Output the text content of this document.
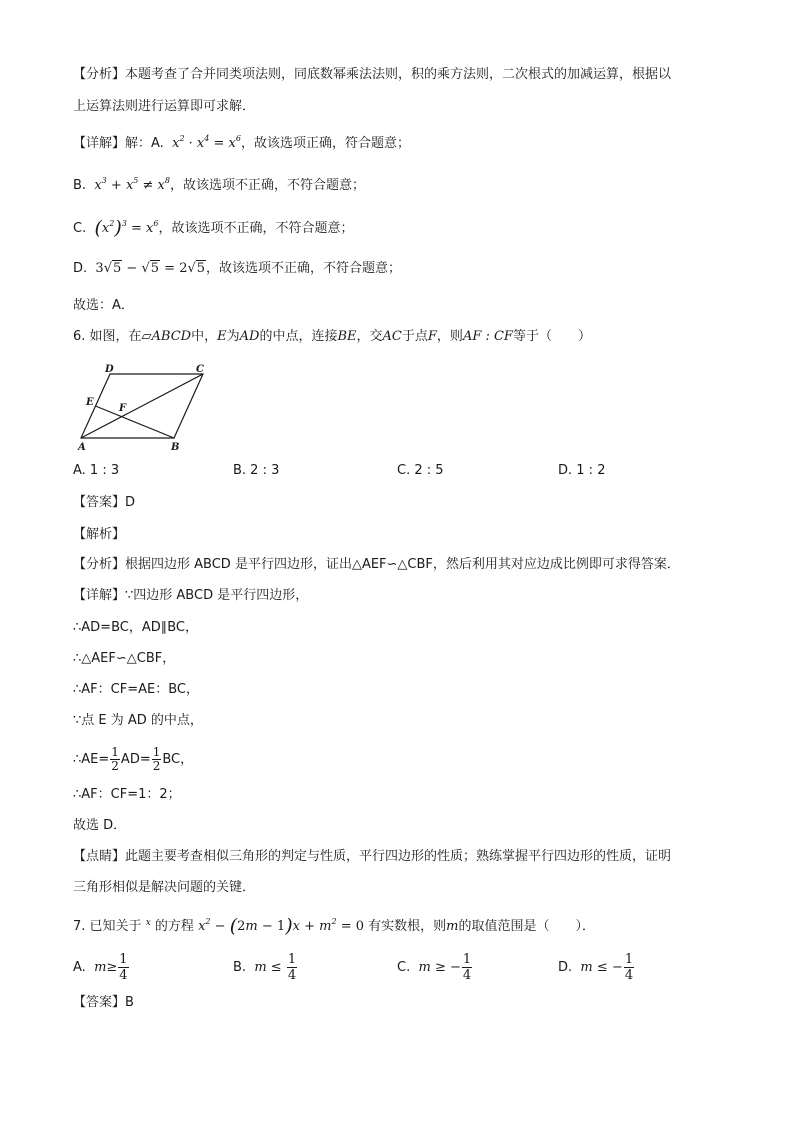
【分析】本题考查了合并同类项法则，同底数幂乘法法则，积的乘方法则，二次根式的加减运算，根据以
上运算法则进行运算即可求解．
【详解】解：A.  $x^2 \cdot x^4 = x^6$，故该选项正确，符合题意；
B.  $x^3 + x^5 \ne x^8$，故该选项不正确，不符合题意；
C. $(x^2)^3 = x^6$，故该选项不正确，不符合题意；
D.  3√5 − √5 = 2√5，故该选项不正确，不符合题意；
故选：A．
6. 如图，在▱ABCD中，E为AD的中点，连接BE，交AC于点F，则AF : CF等于（　　）
A	B
C
D
E
F
A. 1 : 3	B. 2 : 3	C. 2 : 5	D. 1 : 2
【答案】D
【解析】
【分析】根据四边形 ABCD 是平行四边形，证出△AEF∽△CBF，然后利用其对应边成比例即可求得答案．
【详解】∵四边形 ABCD 是平行四边形，
∴AD=BC，AD∥BC，
∴△AEF∽△CBF，
∴AF：CF=AE：BC，
∵点 E 为 AD 的中点，
∴AE= $\frac{1}{2} AD= \frac{1}{2}$ BC，
∴AF：CF=1：2；
故选 D．
【点睛】此题主要考查相似三角形的判定与性质，平行四边形的性质；熟练掌握平行四边形的性质，证明
三角形相似是解决问题的关键．
7. 已知关于 $^x$ 的方程 $x^2 - (2m - 1)x + m^2 = 0$ 有实数根，则m的取值范围是（　　）．
A. $m\ge \frac{1}{4}$	B. $m \le \frac{1}{4}$	C. m ≥ − $\frac{1}{4}$	D. m ≤ − $\frac{1}{4}$
【答案】B
